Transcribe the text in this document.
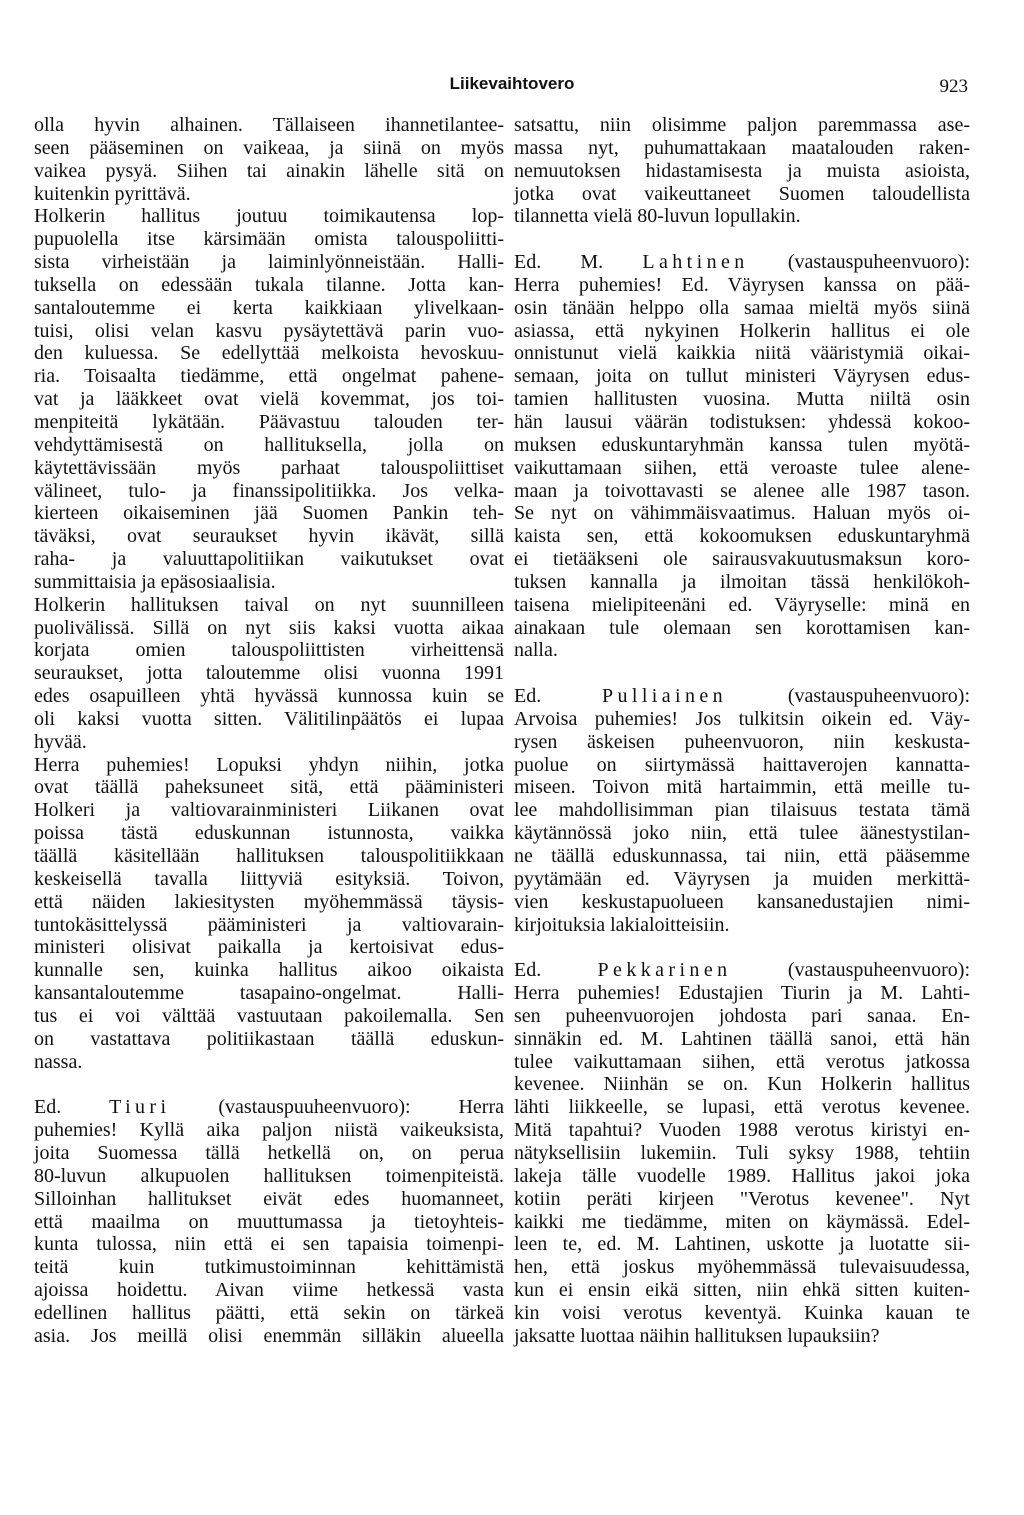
Liikevaihtovero	923
olla hyvin alhainen. Tällaiseen ihannetilantee-
seen pääseminen on vaikeaa, ja siinä on myös
vaikea pysyä. Siihen tai ainakin lähelle sitä on
kuitenkin pyrittävä.
Holkerin hallitus joutuu toimikautensa lop-
pupuolella itse kärsimään omista talouspoliitti-
sista virheistään ja laiminlyönneistään. Halli-
tuksella on edessään tukala tilanne. Jotta kan-
santaloutemme ei kerta kaikkiaan ylivelkaan-
tuisi, olisi velan kasvu pysäytettävä parin vuo-
den kuluessa. Se edellyttää melkoista hevoskuu-
ria. Toisaalta tiedämme, että ongelmat pahene-
vat ja lääkkeet ovat vielä kovemmat, jos toi-
menpiteitä lykätään. Päävastuu talouden ter-
vehdyttämisestä on hallituksella, jolla on
käytettävissään myös parhaat talouspoliittiset
välineet, tulo- ja finanssipolitiikka. Jos velka-
kierteen oikaiseminen jää Suomen Pankin teh-
täväksi, ovat seuraukset hyvin ikävät, sillä
raha- ja valuuttapolitiikan vaikutukset ovat
summittaisia ja epäsosiaalisia.
Holkerin hallituksen taival on nyt suunnilleen
puolivälissä. Sillä on nyt siis kaksi vuotta aikaa
korjata omien talouspoliittisten virheittensä
seuraukset, jotta taloutemme olisi vuonna 1991
edes osapuilleen yhtä hyvässä kunnossa kuin se
oli kaksi vuotta sitten. Välitilinpäätös ei lupaa
hyvää.
Herra puhemies! Lopuksi yhdyn niihin, jotka
ovat täällä paheksuneet sitä, että pääministeri
Holkeri ja valtiovarainministeri Liikanen ovat
poissa tästä eduskunnan istunnosta, vaikka
täällä käsitellään hallituksen talouspolitiikkaan
keskeisellä tavalla liittyviä esityksiä. Toivon,
että näiden lakiesitysten myöhemmässä täysis-
tuntokäsittelyssä pääministeri ja valtiovarain-
ministeri olisivat paikalla ja kertoisivat edus-
kunnalle sen, kuinka hallitus aikoo oikaista
kansantaloutemme tasapaino-ongelmat. Halli-
tus ei voi välttää vastuutaan pakoilemalla. Sen
on vastattava politiikastaan täällä eduskun-
nassa.
Ed. Tiuri (vastauspuuheenvuoro): Herra
puhemies! Kyllä aika paljon niistä vaikeuksista,
joita Suomessa tällä hetkellä on, on perua
80-luvun alkupuolen hallituksen toimenpiteistä.
Silloinhan hallitukset eivät edes huomanneet,
että maailma on muuttumassa ja tietoyhteis-
kunta tulossa, niin että ei sen tapaisia toimenpi-
teitä kuin tutkimustoiminnan kehittämistä
ajoissa hoidettu. Aivan viime hetkessä vasta
edellinen hallitus päätti, että sekin on tärkeä
asia. Jos meillä olisi enemmän silläkin alueella
satsattu, niin olisimme paljon paremmassa ase-
massa nyt, puhumattakaan maatalouden raken-
nemuutoksen hidastamisesta ja muista asioista,
jotka ovat vaikeuttaneet Suomen taloudellista
tilannetta vielä 80-luvun lopullakin.
Ed. M. Lahtinen (vastauspuheenvuoro):
Herra puhemies! Ed. Väyrysen kanssa on pää-
osin tänään helppo olla samaa mieltä myös siinä
asiassa, että nykyinen Holkerin hallitus ei ole
onnistunut vielä kaikkia niitä vääristymiä oikai-
semaan, joita on tullut ministeri Väyrysen edus-
tamien hallitusten vuosina. Mutta niiltä osin
hän lausui väärän todistuksen: yhdessä kokoo-
muksen eduskuntaryhmän kanssa tulen myötä-
vaikuttamaan siihen, että veroaste tulee alene-
maan ja toivottavasti se alenee alle 1987 tason.
Se nyt on vähimmäisvaatimus. Haluan myös oi-
kaista sen, että kokoomuksen eduskuntaryhmä
ei tietääkseni ole sairausvakuutusmaksun koro-
tuksen kannalla ja ilmoitan tässä henkilökoh-
taisena mielipiteenäni ed. Väyryselle: minä en
ainakaan tule olemaan sen korottamisen kan-
nalla.
Ed.	Pulliainen	(vastauspuheenvuoro):
Arvoisa puhemies! Jos tulkitsin oikein ed. Väy-
rysen äskeisen puheenvuoron, niin keskusta-
puolue on siirtymässä haittaverojen kannatta-
miseen. Toivon mitä hartaimmin, että meille tu-
lee mahdollisimman pian tilaisuus testata tämä
käytännössä joko niin, että tulee äänestystilan-
ne täällä eduskunnassa, tai niin, että pääsemme
pyytämään ed. Väyrysen ja muiden merkittä-
vien keskustapuolueen kansanedustajien nimi-
kirjoituksia lakialoitteisiin.
Ed.	Pekkarinen	(vastauspuheenvuoro):
Herra puhemies! Edustajien Tiurin ja M. Lahti-
sen puheenvuorojen johdosta pari sanaa. En-
sinnäkin ed. M. Lahtinen täällä sanoi, että hän
tulee vaikuttamaan siihen, että verotus jatkossa
kevenee. Niinhän se on. Kun Holkerin hallitus
lähti liikkeelle, se lupasi, että verotus kevenee.
Mitä tapahtui? Vuoden 1988 verotus kiristyi en-
nätyksellisiin lukemiin. Tuli syksy 1988, tehtiin
lakeja tälle vuodelle 1989. Hallitus jakoi joka
kotiin peräti kirjeen "Verotus kevenee". Nyt
kaikki me tiedämme, miten on käymässä. Edel-
leen te, ed. M. Lahtinen, uskotte ja luotatte sii-
hen, että joskus myöhemmässä tulevaisuudessa,
kun ei ensin eikä sitten, niin ehkä sitten kuiten-
kin voisi verotus keventyä. Kuinka kauan te
jaksatte luottaa näihin hallituksen lupauksiin?
